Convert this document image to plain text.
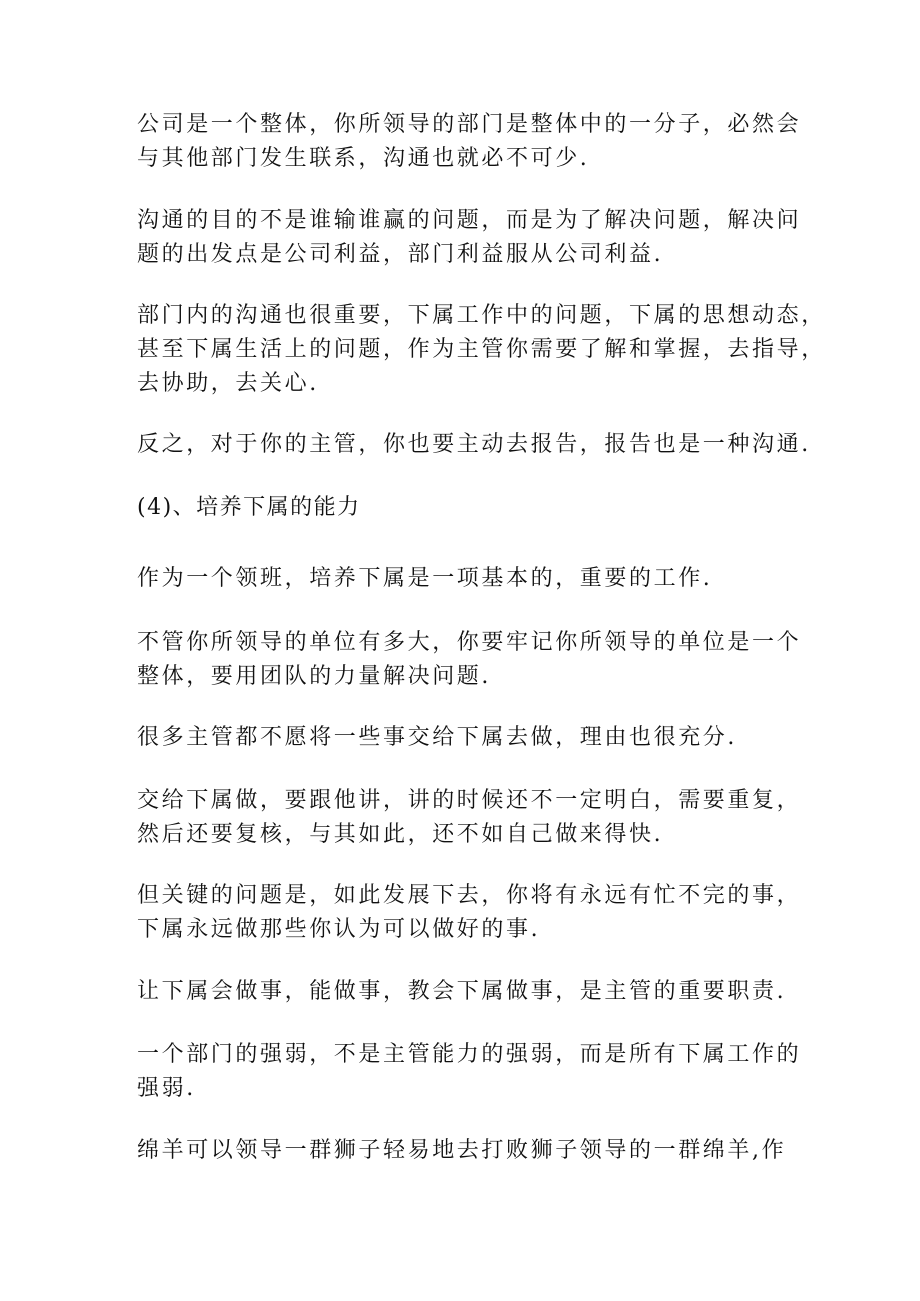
公司是一个整体，你所领导的部门是整体中的一分子，必然会
与其他部门发生联系，沟通也就必不可少.

沟通的目的不是谁输谁赢的问题，而是为了解决问题，解决问
题的出发点是公司利益，部门利益服从公司利益.

部门内的沟通也很重要，下属工作中的问题，下属的思想动态，
甚至下属生活上的问题，作为主管你需要了解和掌握，去指导，
去协助，去关心.

反之，对于你的主管，你也要主动去报告，报告也是一种沟通.

(4)、培养下属的能力

作为一个领班，培养下属是一项基本的，重要的工作.

不管你所领导的单位有多大，你要牢记你所领导的单位是一个
整体，要用团队的力量解决问题.

很多主管都不愿将一些事交给下属去做，理由也很充分.

交给下属做，要跟他讲，讲的时候还不一定明白，需要重复，
然后还要复核，与其如此，还不如自己做来得快.

但关键的问题是，如此发展下去，你将有永远有忙不完的事，
下属永远做那些你认为可以做好的事.

让下属会做事，能做事，教会下属做事，是主管的重要职责.

一个部门的强弱，不是主管能力的强弱，而是所有下属工作的
强弱.

绵羊可以领导一群狮子轻易地去打败狮子领导的一群绵羊,作
